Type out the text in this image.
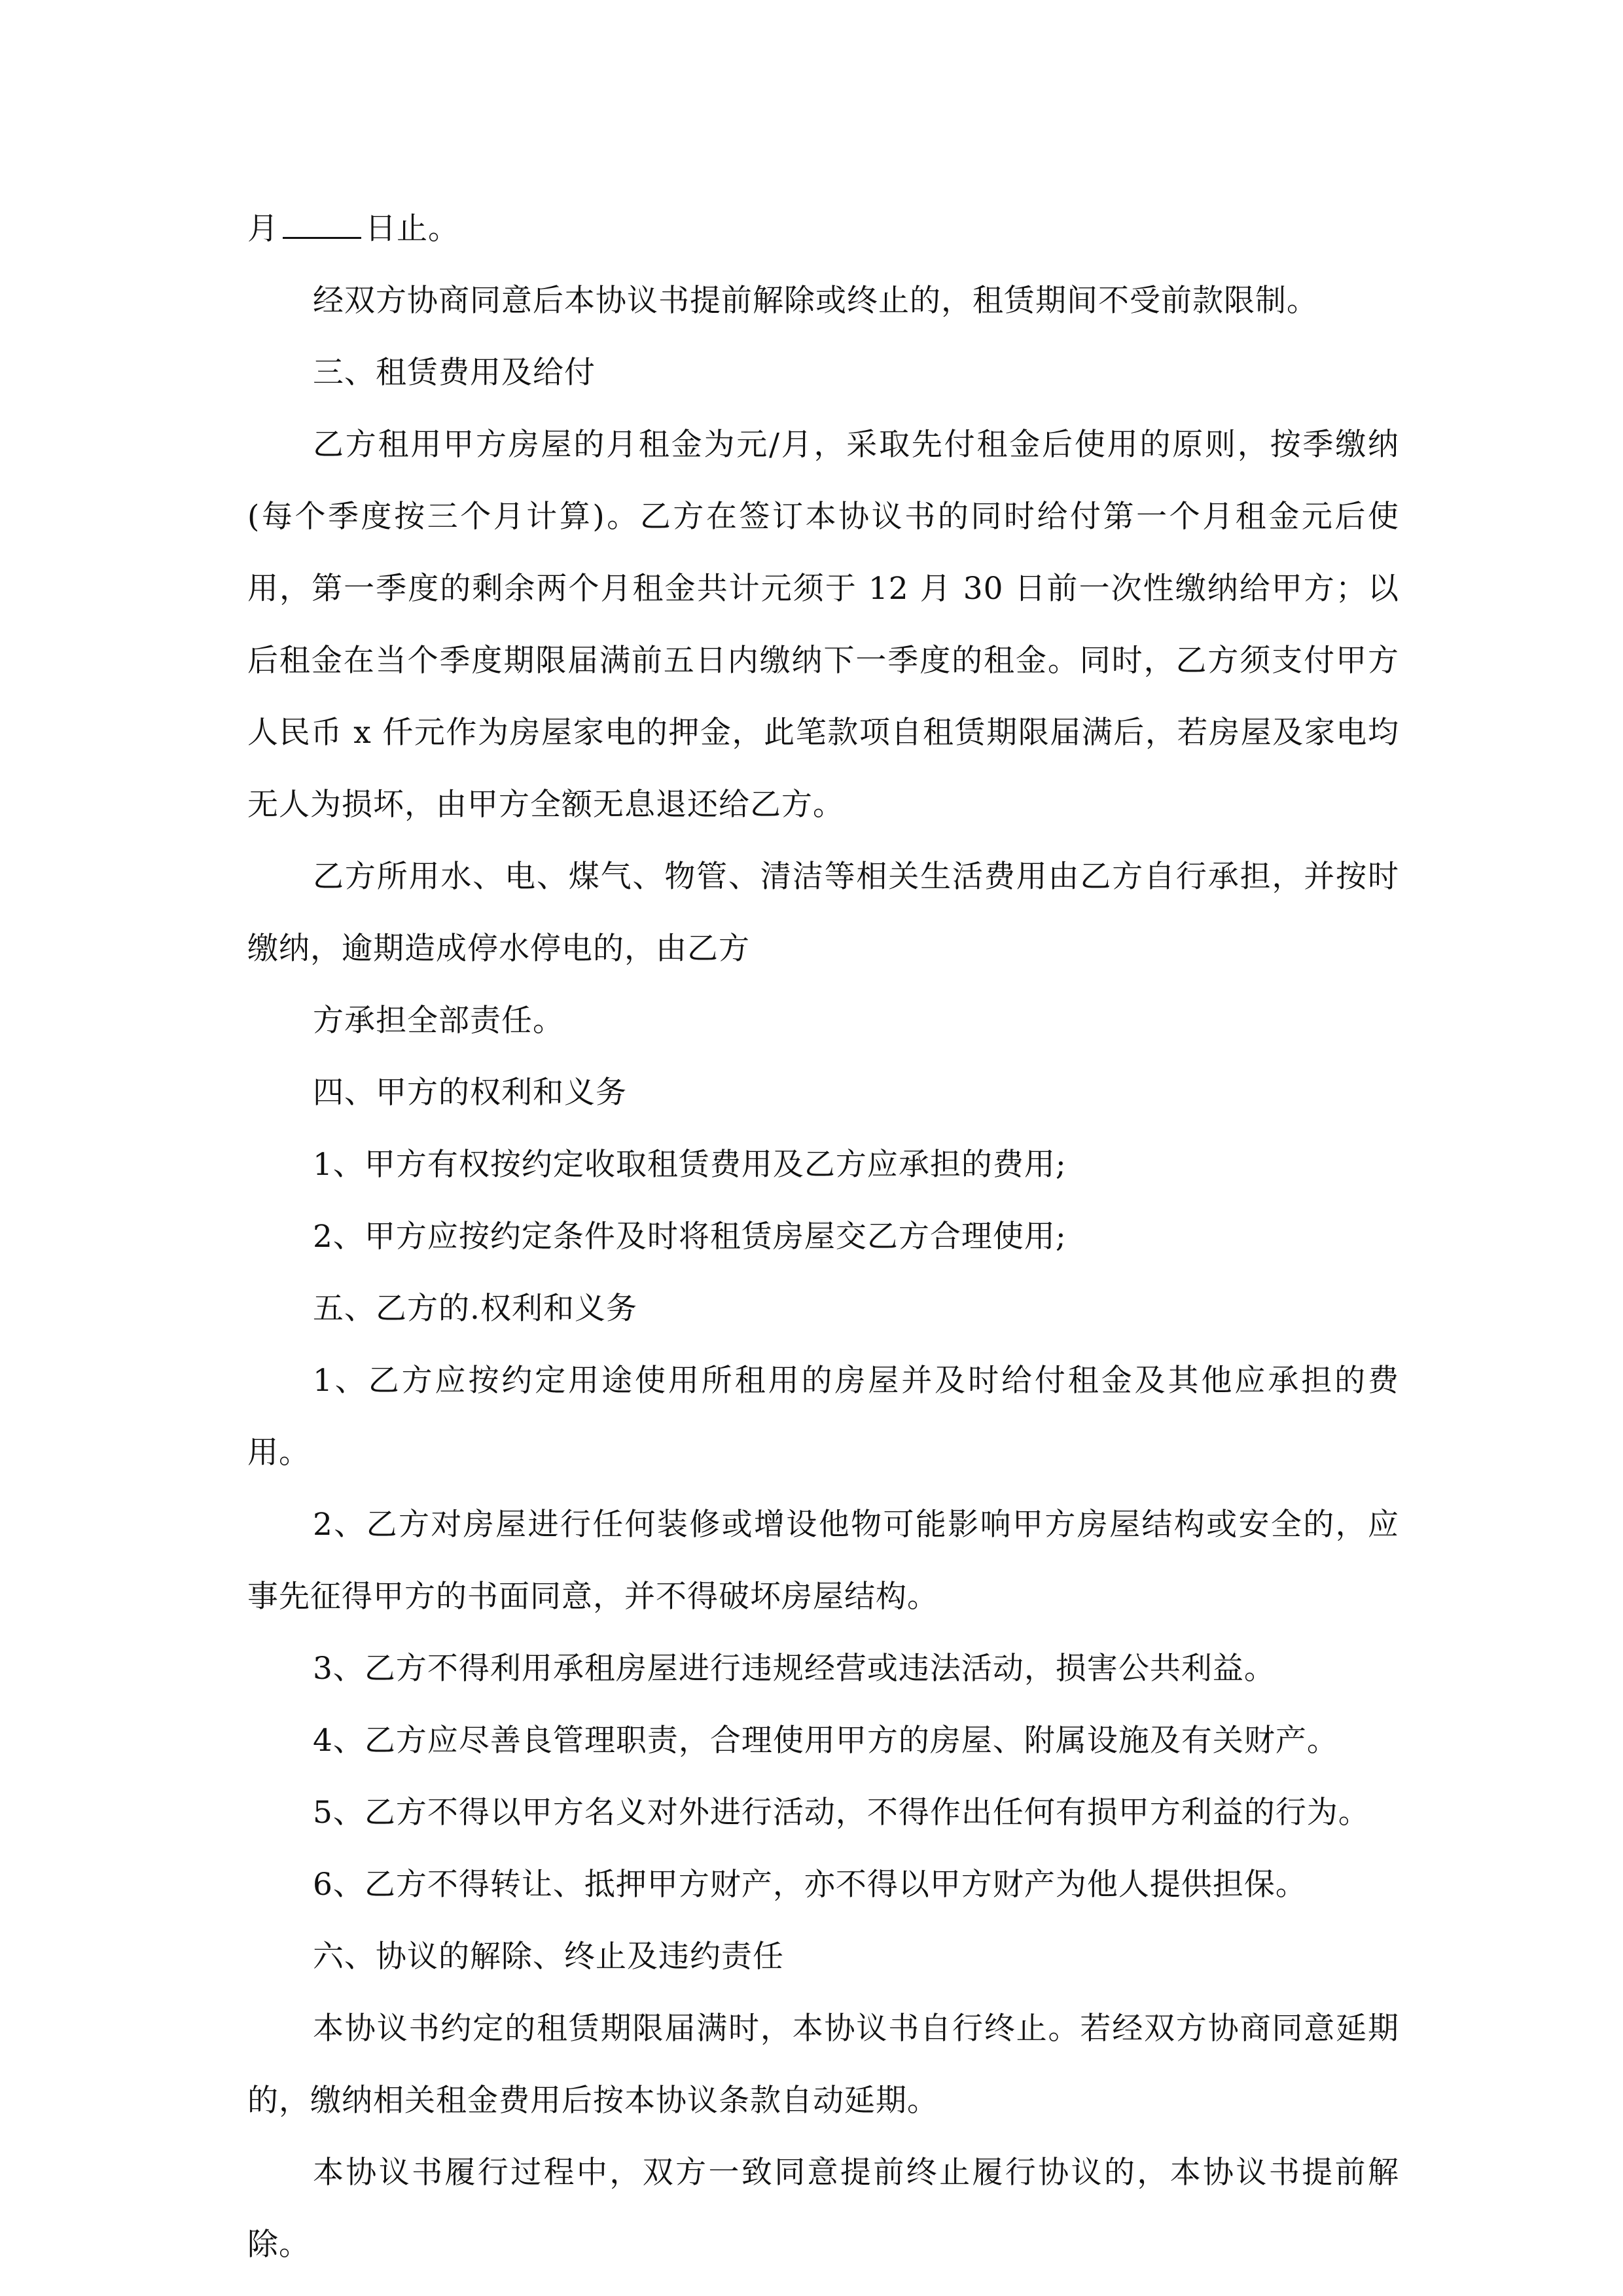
月	日止。

经双方协商同意后本协议书提前解除或终止的，租赁期间不受前款限制。

三、租赁费用及给付

乙方租用甲方房屋的月租金为元/月，采取先付租金后使用的原则，按季缴纳(每个季度按三个月计算)。乙方在签订本协议书的同时给付第一个月租金元后使用，第一季度的剩余两个月租金共计元须于 12 月 30 日前一次性缴纳给甲方；以后租金在当个季度期限届满前五日内缴纳下一季度的租金。同时，乙方须支付甲方人民币 x 仟元作为房屋家电的押金，此笔款项自租赁期限届满后，若房屋及家电均无人为损坏，由甲方全额无息退还给乙方。

乙方所用水、电、煤气、物管、清洁等相关生活费用由乙方自行承担，并按时缴纳，逾期造成停水停电的，由乙方

方承担全部责任。

四、甲方的权利和义务

1、甲方有权按约定收取租赁费用及乙方应承担的费用;

2、甲方应按约定条件及时将租赁房屋交乙方合理使用;

五、乙方的.权利和义务

1、乙方应按约定用途使用所租用的房屋并及时给付租金及其他应承担的费用。

2、乙方对房屋进行任何装修或增设他物可能影响甲方房屋结构或安全的，应事先征得甲方的书面同意，并不得破坏房屋结构。

3、乙方不得利用承租房屋进行违规经营或违法活动，损害公共利益。

4、乙方应尽善良管理职责，合理使用甲方的房屋、附属设施及有关财产。

5、乙方不得以甲方名义对外进行活动，不得作出任何有损甲方利益的行为。

6、乙方不得转让、抵押甲方财产，亦不得以甲方财产为他人提供担保。

六、协议的解除、终止及违约责任

本协议书约定的租赁期限届满时，本协议书自行终止。若经双方协商同意延期的，缴纳相关租金费用后按本协议条款自动延期。

本协议书履行过程中，双方一致同意提前终止履行协议的，本协议书提前解除。
